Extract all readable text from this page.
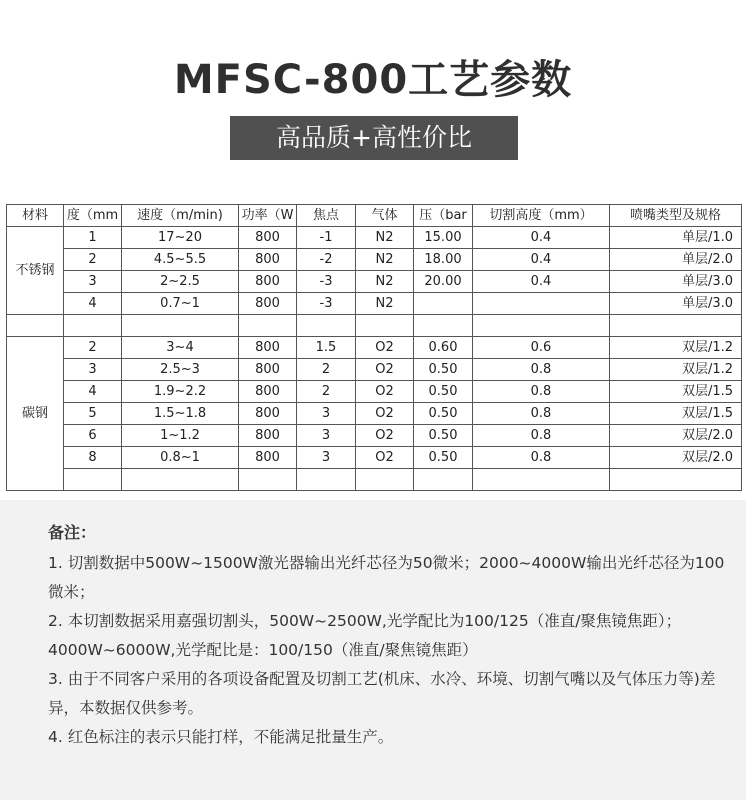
MFSC-800工艺参数
高品质+高性价比
材料	度（mm	速度（m/min)	功率（W	焦点	气体	压（bar	切割高度（mm）	喷嘴类型及规格
不锈钢	1	17~20	800	-1	N2	15.00	0.4	单层/1.0
	2	4.5~5.5	800	-2	N2	18.00	0.4	单层/2.0
	3	2~2.5	800	-3	N2	20.00	0.4	单层/3.0
	4	0.7~1	800	-3	N2			单层/3.0

碳钢	2	3~4	800	1.5	O2	0.60	0.6	双层/1.2
	3	2.5~3	800	2	O2	0.50	0.8	双层/1.2
	4	1.9~2.2	800	2	O2	0.50	0.8	双层/1.5
	5	1.5~1.8	800	3	O2	0.50	0.8	双层/1.5
	6	1~1.2	800	3	O2	0.50	0.8	双层/2.0
	8	0.8~1	800	3	O2	0.50	0.8	双层/2.0

备注：

1. 切割数据中500W~1500W激光器输出光纤芯径为50微米；2000~4000W输出光纤芯径为100微米；

2. 本切割数据采用嘉强切割头，500W~2500W,光学配比为100/125（准直/聚焦镜焦距）；4000W~6000W,光学配比是：100/150（准直/聚焦镜焦距）

3. 由于不同客户采用的各项设备配置及切割工艺(机床、水冷、环境、切割气嘴以及气体压力等)差异，本数据仅供参考。

4. 红色标注的表示只能打样，不能满足批量生产。
